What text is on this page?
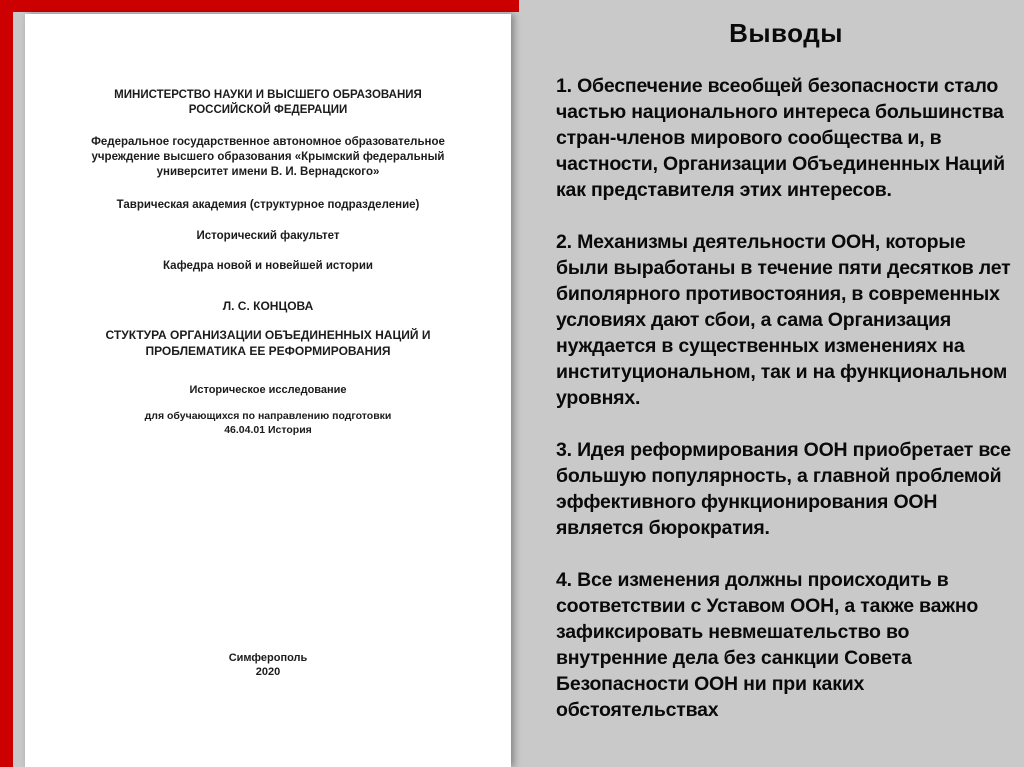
МИНИСТЕРСТВО НАУКИ И ВЫСШЕГО ОБРАЗОВАНИЯ РОССИЙСКОЙ ФЕДЕРАЦИИ

Федеральное государственное автономное образовательное учреждение высшего образования «Крымский федеральный университет имени В. И. Вернадского»

Таврическая академия (структурное подразделение)

Исторический факультет

Кафедра новой и новейшей истории

Л. С. КОНЦОВА

СТУКТУРА ОРГАНИЗАЦИИ ОБЪЕДИНЕННЫХ НАЦИЙ И ПРОБЛЕМАТИКА ЕЕ РЕФОРМИРОВАНИЯ

Историческое исследование

для обучающихся по направлению подготовки 46.04.01 История

Симферополь
2020
Выводы

1. Обеспечение всеобщей безопасности стало частью национального интереса большинства стран-членов мирового сообщества и, в частности, Организации Объединенных Наций как представителя этих интересов.

2. Механизмы деятельности ООН, которые были выработаны в течение пяти десятков лет биполярного противостояния, в современных условиях дают сбои, а сама Организация нуждается в существенных изменениях на институциональном, так и на функциональном уровнях.

3. Идея реформирования ООН приобретает все большую популярность, а главной проблемой эффективного функционирования ООН является бюрократия.

4. Все изменения должны происходить в соответствии с Уставом ООН, а также важно зафиксировать невмешательство во внутренние дела без санкции Совета Безопасности ООН ни при каких обстоятельствах
